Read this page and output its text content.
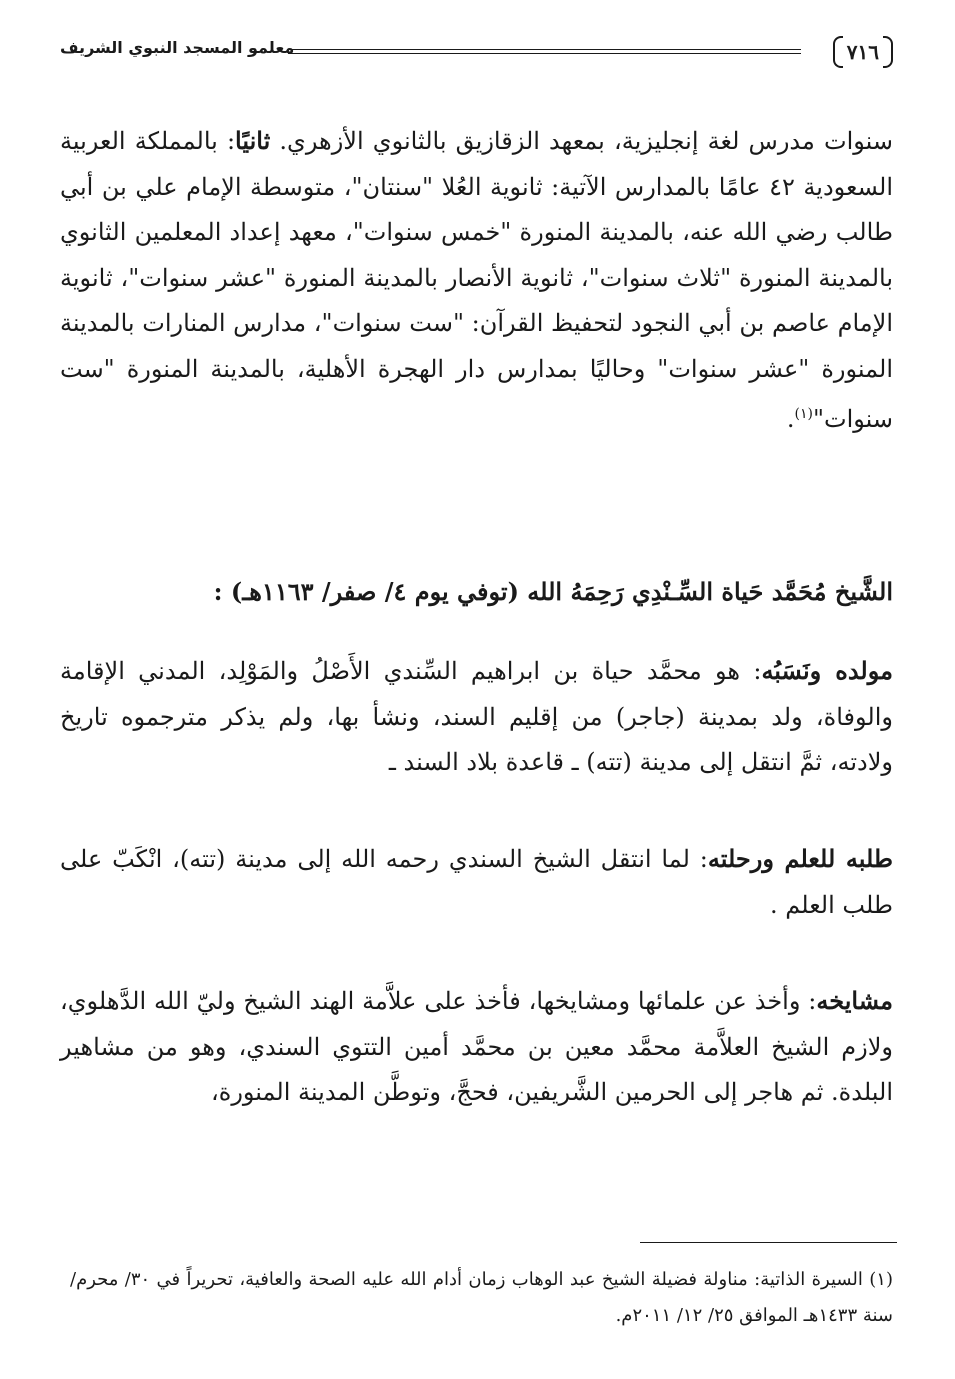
٧١٦
معلمو المسجد النبوي الشريف

سنوات مدرس لغة إنجليزية، بمعهد الزقازيق بالثانوي الأزهري. ثانيًا: بالمملكة العربية السعودية ٤٢ عامًا بالمدارس الآتية: ثانوية العُلا "سنتان"، متوسطة الإمام علي بن أبي طالب رضي الله عنه، بالمدينة المنورة "خمس سنوات"، معهد إعداد المعلمين الثانوي بالمدينة المنورة "ثلاث سنوات"، ثانوية الأنصار بالمدينة المنورة "عشر سنوات"، ثانوية الإمام عاصم بن أبي النجود لتحفيظ القرآن: "ست سنوات"، مدارس المنارات بالمدينة المنورة "عشر سنوات" وحاليًا بمدارس دار الهجرة الأهلية، بالمدينة المنورة "ست سنوات"$^{(١)}$.

الشَّيخ مُحَمَّد حَياة السِّـنْدِي رَحِمَهُ الله (توفي يوم ٤/ صفر/ ١١٦٣هـ) :

مولده ونَسَبُه: هو محمَّد حياة بن ابراهيم السِّندي الأَصْلُ والمَوْلِد، المدني الإقامة والوفاة، ولد بمدينة (جاجر) من إقليم السند، ونشأ بها، ولم يذكر مترجموه تاريخ ولادته، ثمَّ انتقل إلى مدينة (تته) ـ قاعدة بلاد السند ـ

طلبه للعلم ورحلته: لما انتقل الشيخ السندي رحمه الله إلى مدينة (تته)، انْكَبّ على طلب العلم .

مشايخه: وأخذ عن علمائها ومشايخها، فأخذ على علاَّمة الهند الشيخ وليّ الله الدَّهلوي، ولازم الشيخ العلاَّمة محمَّد معين بن محمَّد أمين التتوي السندي، وهو من مشاهير البلدة. ثم هاجر إلى الحرمين الشَّريفين، فحجَّ، وتوطَّن المدينة المنورة،

(١) السيرة الذاتية: مناولة فضيلة الشيخ عبد الوهاب زمان أدام الله عليه الصحة والعافية، تحريراً في ٣٠/ محرم/ سنة ١٤٣٣هـ الموافق ٢٥/ ١٢/ ٢٠١١م.
